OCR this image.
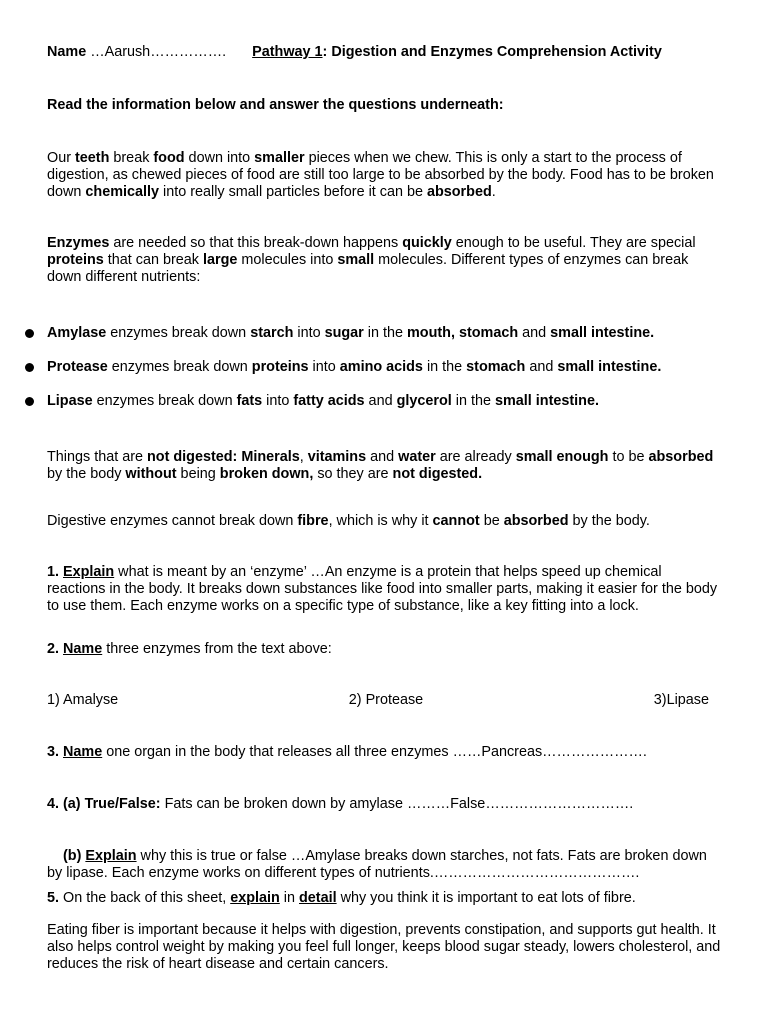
Name …Aarush……………. Pathway 1: Digestion and Enzymes Comprehension Activity
Read the information below and answer the questions underneath:
Our teeth break food down into smaller pieces when we chew. This is only a start to the process of digestion, as chewed pieces of food are still too large to be absorbed by the body. Food has to be broken down chemically into really small particles before it can be absorbed.
Enzymes are needed so that this break-down happens quickly enough to be useful. They are special proteins that can break large molecules into small molecules. Different types of enzymes can break down different nutrients:
Amylase enzymes break down starch into sugar in the mouth, stomach and small intestine.
Protease enzymes break down proteins into amino acids in the stomach and small intestine.
Lipase enzymes break down fats into fatty acids and glycerol in the small intestine.
Things that are not digested: Minerals, vitamins and water are already small enough to be absorbed by the body without being broken down, so they are not digested.
Digestive enzymes cannot break down fibre, which is why it cannot be absorbed by the body.
1. Explain what is meant by an ‘enzyme’ …An enzyme is a protein that helps speed up chemical reactions in the body. It breaks down substances like food into smaller parts, making it easier for the body to use them. Each enzyme works on a specific type of substance, like a key fitting into a lock.
2. Name three enzymes from the text above:
1) Amalyse	2) Protease	3)Lipase
3. Name one organ in the body that releases all three enzymes ……Pancreas………………….
4. (a) True/False: Fats can be broken down by amylase ………False………………………….
(b) Explain why this is true or false …Amylase breaks down starches, not fats. Fats are broken down by lipase. Each enzyme works on different types of nutrients.…………………………………….
5. On the back of this sheet, explain in detail why you think it is important to eat lots of fibre.
Eating fiber is important because it helps with digestion, prevents constipation, and supports gut health. It also helps control weight by making you feel full longer, keeps blood sugar steady, lowers cholesterol, and reduces the risk of heart disease and certain cancers.
